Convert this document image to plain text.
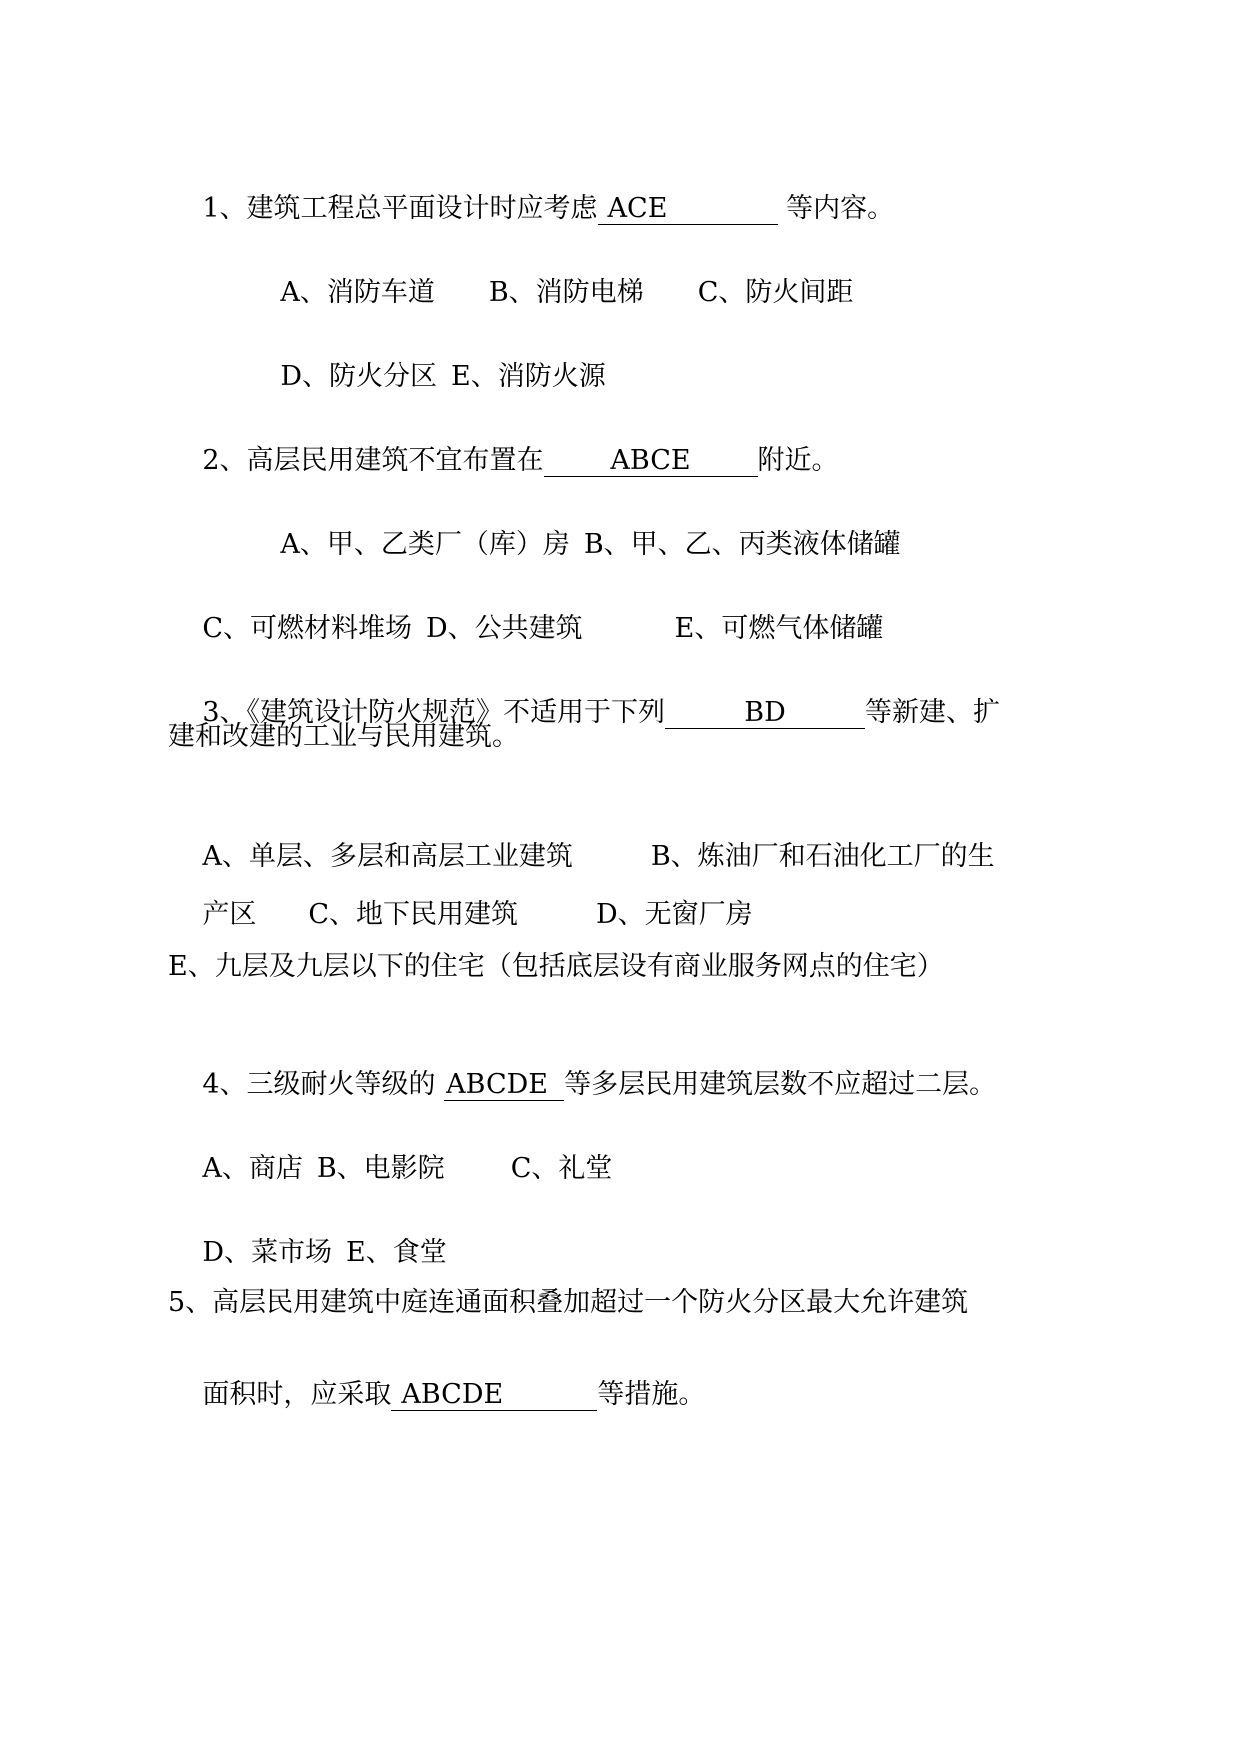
1、建筑工程总平面设计时应考虑 ACE	等内容。

A、消防车道 B、消防电梯 C、防火间距

D、防火分区 E、消防火源

2、高层民用建筑不宜布置在 ABCE 附近。

A、甲、乙类厂（库）房 B、甲、乙、丙类液体储罐

C、可燃材料堆场 D、公共建筑	E、可燃气体储罐

3、《建筑设计防火规范》不适用于下列	BD	等新建、扩

建和改建的工业与民用建筑。

A、单层、多层和高层工业建筑	B、炼油厂和石油化工厂的生

产区 C、地下民用建筑	D、无窗厂房

E、九层及九层以下的住宅（包括底层设有商业服务网点的住宅）

4、三级耐火等级的 ABCDE 等多层民用建筑层数不应超过二层。

A、商店 B、电影院 C、礼堂

D、菜市场 E、食堂

5、高层民用建筑中庭连通面积叠加超过一个防火分区最大允许建筑

面积时，应采取 ABCDE	等措施。
